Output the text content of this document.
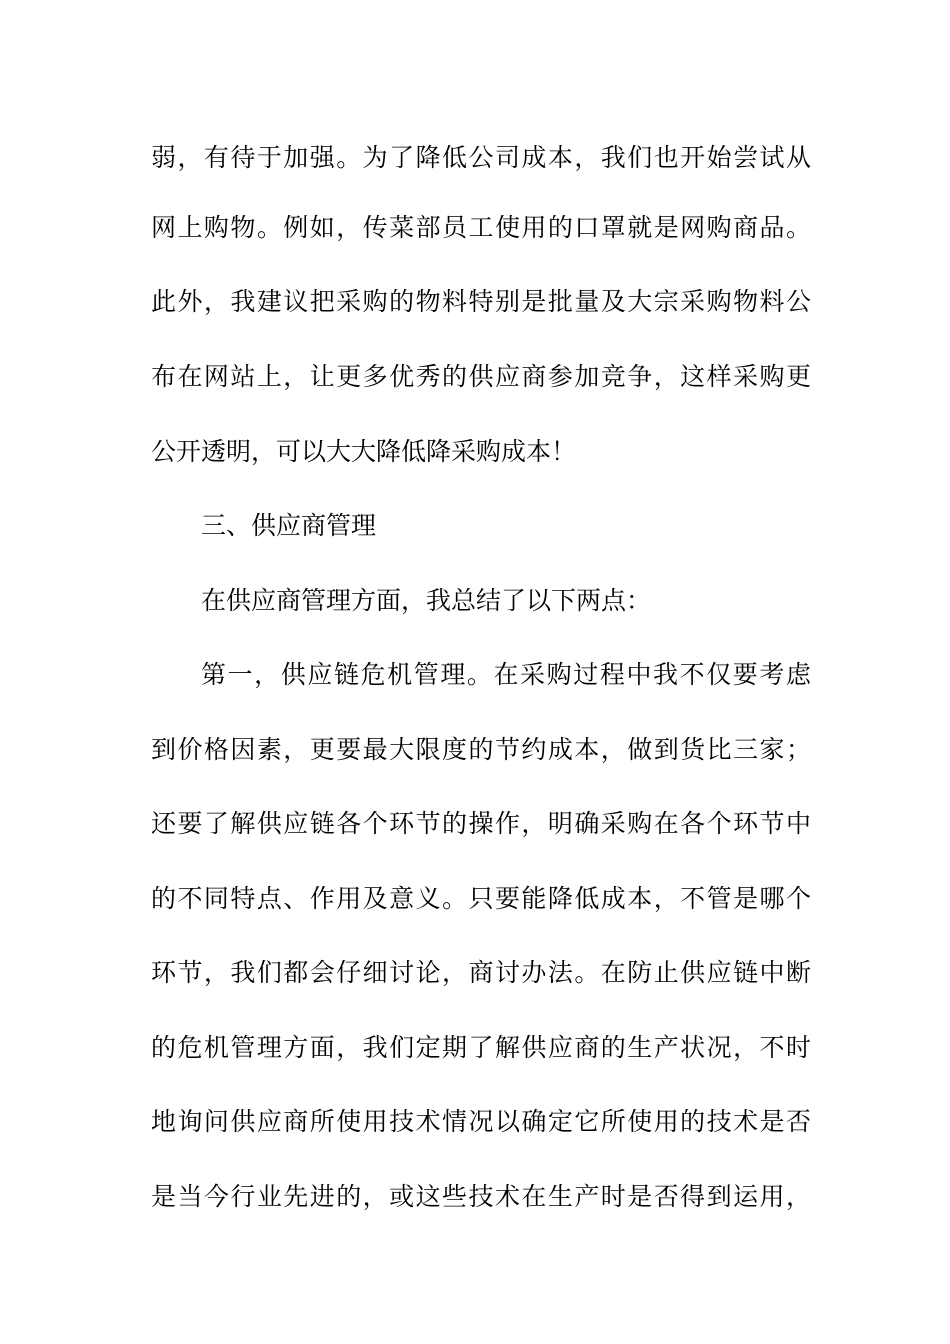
弱，有待于加强。为了降低公司成本，我们也开始尝试从
网上购物。例如，传菜部员工使用的口罩就是网购商品。
此外，我建议把采购的物料特别是批量及大宗采购物料公
布在网站上，让更多优秀的供应商参加竞争，这样采购更
公开透明，可以大大降低降采购成本！
三、供应商管理
在供应商管理方面，我总结了以下两点：
第一，供应链危机管理。在采购过程中我不仅要考虑
到价格因素，更要最大限度的节约成本，做到货比三家；
还要了解供应链各个环节的操作，明确采购在各个环节中
的不同特点、作用及意义。只要能降低成本，不管是哪个
环节，我们都会仔细讨论，商讨办法。在防止供应链中断
的危机管理方面，我们定期了解供应商的生产状况，不时
地询问供应商所使用技术情况以确定它所使用的技术是否
是当今行业先进的，或这些技术在生产时是否得到运用，
